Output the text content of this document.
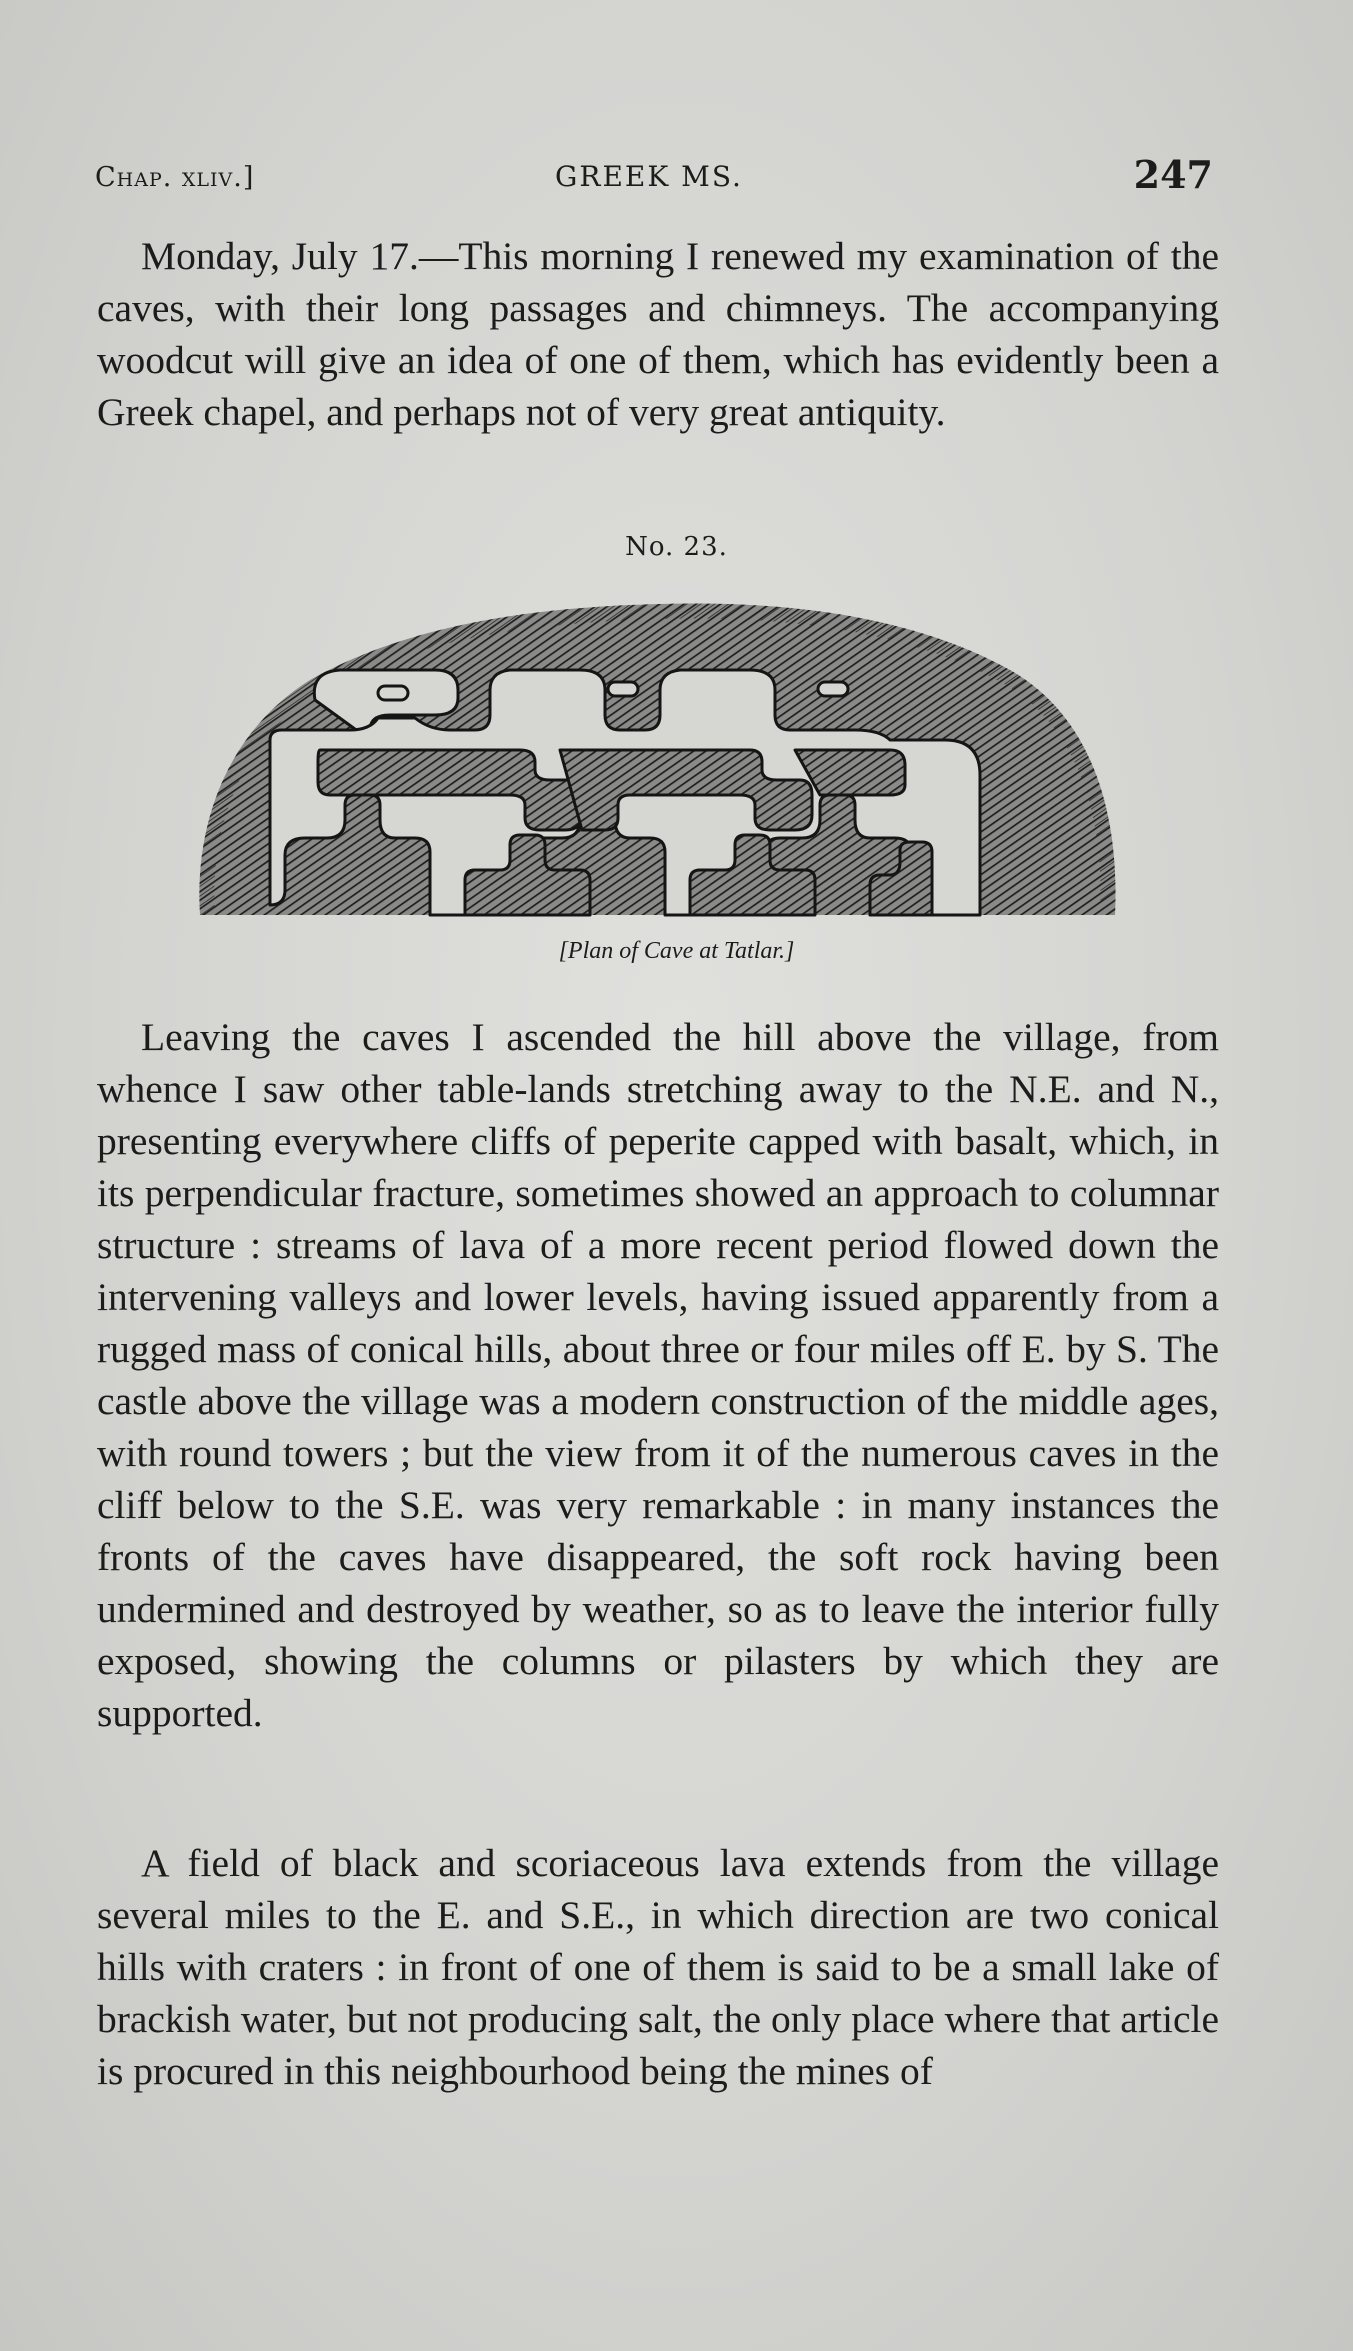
Chap. xliv.]	GREEK MS.	247

Monday, July 17.—This morning I renewed my examination of the caves, with their long passages and chimneys. The accompanying woodcut will give an idea of one of them, which has evidently been a Greek chapel, and perhaps not of very great antiquity.

No. 23.
[Plan of Cave at Tatlar.]

Leaving the caves I ascended the hill above the village, from whence I saw other table-lands stretching away to the N.E. and N., presenting everywhere cliffs of peperite capped with basalt, which, in its perpendicular fracture, sometimes showed an approach to columnar structure : streams of lava of a more recent period flowed down the intervening valleys and lower levels, having issued apparently from a rugged mass of conical hills, about three or four miles off E. by S. The castle above the village was a modern construction of the middle ages, with round towers ; but the view from it of the numerous caves in the cliff below to the S.E. was very remarkable : in many instances the fronts of the caves have disappeared, the soft rock having been undermined and destroyed by weather, so as to leave the interior fully exposed, showing the columns or pilasters by which they are supported.

A field of black and scoriaceous lava extends from the village several miles to the E. and S.E., in which direction are two conical hills with craters : in front of one of them is said to be a small lake of brackish water, but not producing salt, the only place where that article is procured in this neighbourhood being the mines of
